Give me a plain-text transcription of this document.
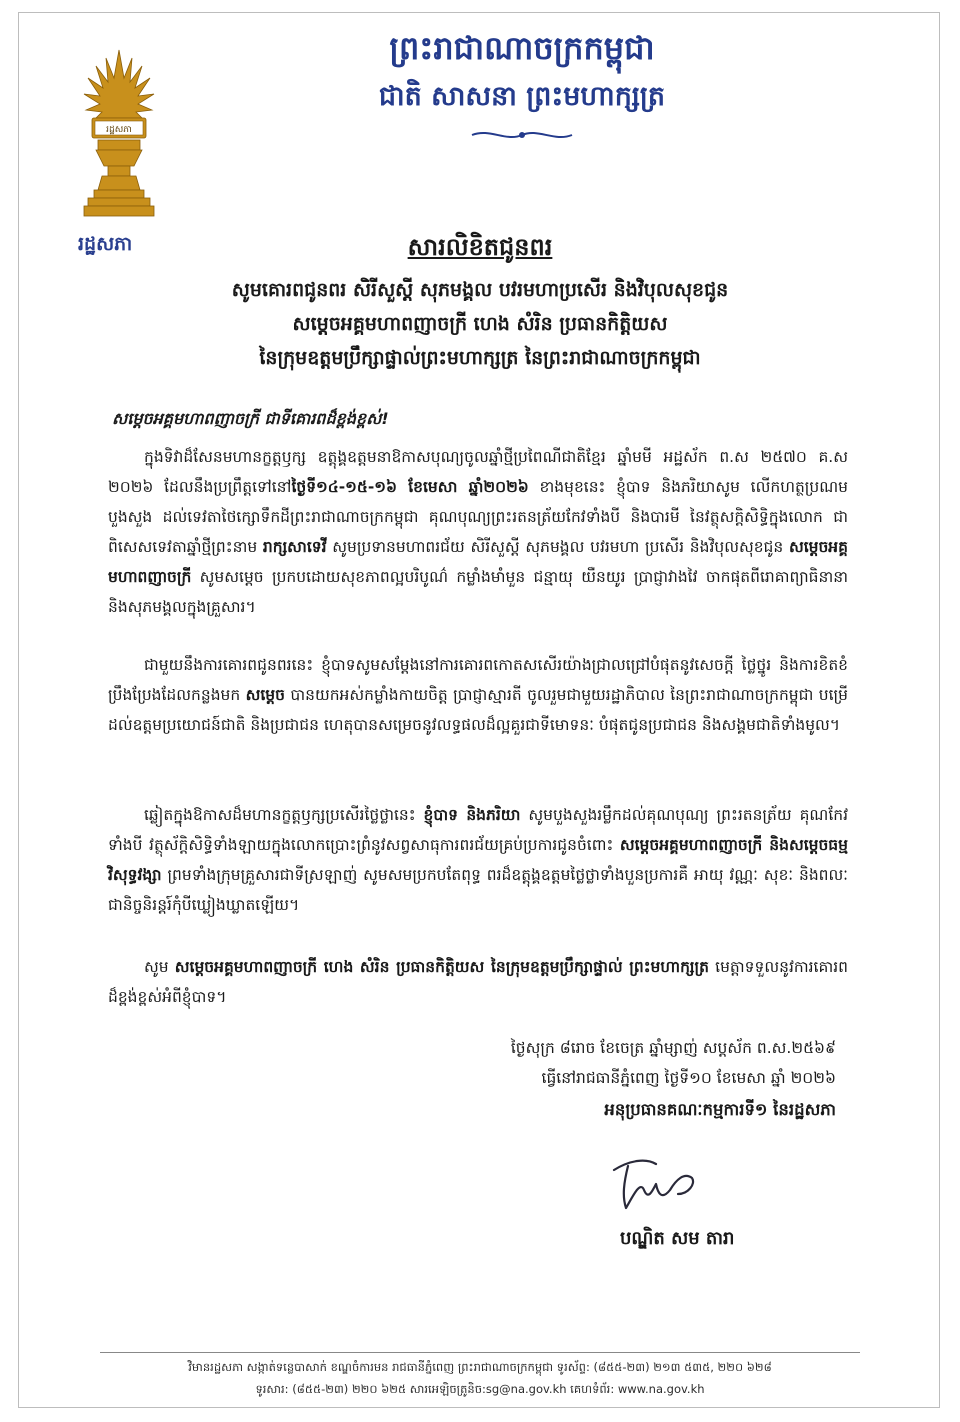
រដ្ឋសភា
រដ្ឋសភា
ព្រះរាជាណាចក្រកម្ពុជា
ជាតិ សាសនា ព្រះមហាក្សត្រ
សារលិខិតជូនពរ
សូមគោរពជូនពរ សិរីសួស្តី សុភមង្គល បវរមហាប្រសើរ និងវិបុលសុខជូន
សម្តេចអគ្គមហាពញាចក្រី ហេង សំរិន ប្រធានកិត្តិយស
នៃក្រុមឧត្តមប្រឹក្សាផ្ទាល់ព្រះមហាក្សត្រ នៃព្រះរាជាណាចក្រកម្ពុជា
សម្តេចអគ្គមហាពញាចក្រី ជាទីគោរពដ៏ខ្ពង់ខ្ពស់!
ក្នុងទិវាដ៏សែនមហានក្ខត្តឫក្ស ឧត្តុង្គឧត្តមនាឱកាសបុណ្យចូលឆ្នាំថ្មីប្រពៃណីជាតិខ្មែរ ឆ្នាំមមី អដ្ឋស័ក ព.ស ២៥៧០ គ.ស ២០២៦ ដែលនឹងប្រព្រឹត្តទៅនៅថ្ងៃទី១៤-១៥-១៦ ខែមេសា ឆ្នាំ២០២៦ ខាងមុខនេះ ខ្ញុំបាទ និងភរិយាសូម លើកហត្ថប្រណមបួងសួង ដល់ទេវតាថៃក្សោទឹកដីព្រះរាជាណាចក្រកម្ពុជា គុណបុណ្យព្រះរតនត្រ័យកែវទាំងបី និងបារមី នៃវត្ថុសក្តិសិទ្ធិក្នុងលោក ជាពិសេសទេវតាឆ្នាំថ្មីព្រះនាម រាក្សសាទេវី សូមប្រទានមហាពរជ័យ សិរីសួស្តី សុភមង្គល បវរមហា ប្រសើរ និងវិបុលសុខជូន សម្តេចអគ្គមហាពញាចក្រី សូមសម្តេច ប្រកបដោយសុខភាពល្អបរិបូណ៌ កម្លាំងមាំមួន ជន្មាយុ យឺនយូរ ប្រាជ្ញាវាងវៃ ចាកផុតពីរោគាព្យាធិនានា និងសុភមង្គលក្នុងគ្រួសារ។
ជាមួយនឹងការគោរពជូនពរនេះ ខ្ញុំបាទសូមសម្តែងនៅការគោរពកោតសសើរយ៉ាងជ្រាលជ្រៅបំផុតនូវសេចក្តី ថ្លៃថ្នូរ និងការខិតខំប្រឹងប្រែងដែលកន្លងមក សម្តេច បានយកអស់កម្លាំងកាយចិត្ត ប្រាជ្ញាស្មារតី ចូលរួមជាមួយរដ្ឋាភិបាល នៃព្រះរាជាណាចក្រកម្ពុជា បម្រើដល់ឧត្តមប្រយោជន៍ជាតិ និងប្រជាជន ហេតុបានសម្រេចនូវលទ្ធផលដ៏ល្អគួរជាទីមោទនៈ បំផុតជូនប្រជាជន និងសង្គមជាតិទាំងមូល។
ឆ្លៀតក្នុងឱកាសដ៏មហានក្ខត្តឫក្សប្រសើរថ្លៃថ្លានេះ ខ្ញុំបាទ និងភរិយា សូមបួងសួងរម្លឹកដល់គុណបុណ្យ ព្រះរតនត្រ័យ គុណកែវទាំងបី វត្ថុស័ក្តិសិទ្ធិទាំងឡាយក្នុងលោកប្រោះព្រំនូវសព្វសាធុការពរជ័យគ្រប់ប្រការជូនចំពោះ សម្តេចអគ្គមហាពញាចក្រី និងសម្តេចធម្មវិសុទ្ធវង្សា ព្រមទាំងក្រុមគ្រួសារជាទីស្រឡាញ់ សូមសមប្រកបតែពុទ្ធ ពរដ៏ឧត្តុង្គឧត្តមថ្លៃថ្លាទាំងបួនប្រការគឺ អាយុ វណ្ណៈ សុខៈ និងពលៈ ជានិច្ចនិរន្តរ៍កុំបីឃ្លៀងឃ្លាតឡើយ។
សូម សម្តេចអគ្គមហាពញាចក្រី ហេង សំរិន ប្រធានកិត្តិយស នៃក្រុមឧត្តមប្រឹក្សាផ្ទាល់ ព្រះមហាក្សត្រ មេត្តាទទួលនូវការគោរពដ៏ខ្ពង់ខ្ពស់អំពីខ្ញុំបាទ។
ថ្ងៃសុក្រ ៨រោច ខែចេត្រ ឆ្នាំម្សាញ់ សប្តស័ក ព.ស.២៥៦៩
ធ្វើនៅរាជធានីភ្នំពេញ ថ្ងៃទី១០ ខែមេសា ឆ្នាំ ២០២៦
អនុប្រធានគណៈកម្មការទី១ នៃរដ្ឋសភា
បណ្ឌិត សម តារា
វិមានរដ្ឋសភា សង្កាត់ទន្លេបាសាក់ ខណ្ឌចំការមន រាជធានីភ្នំពេញ ព្រះរាជាណាចក្រកម្ពុជា ទូរស័ព្ទ: (៨៥៥-២៣) ២១៣ ៥៣៥, ២២០ ៦២៨
ទូរសារ: (៨៥៥-២៣) ២២០ ៦២៥ សារអេឡិចត្រូនិច:sg@na.gov.kh គេហទំព័រ: www.na.gov.kh
